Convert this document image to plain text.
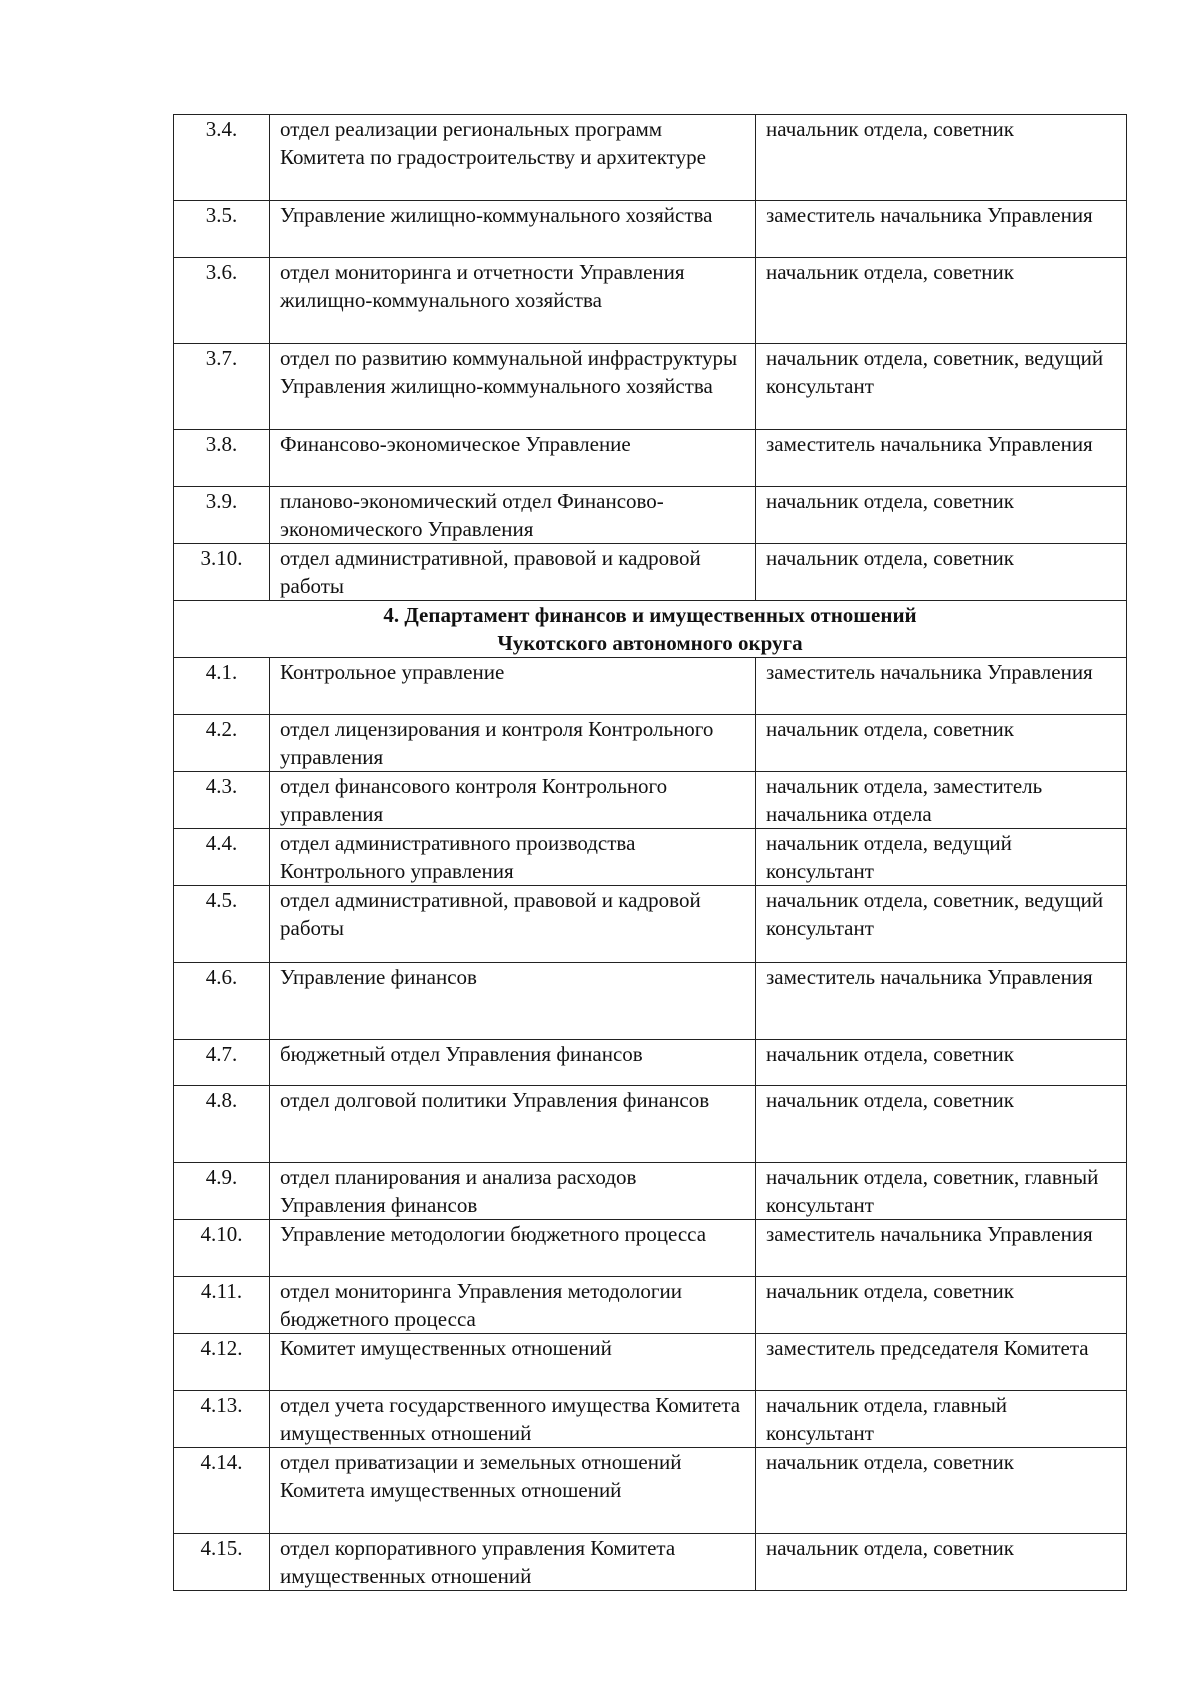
3.4.	отдел реализации региональных программ Комитета по градостроительству и архитектуре	начальник отдела, советник
3.5.	Управление жилищно-коммунального хозяйства	заместитель начальника Управления
3.6.	отдел мониторинга и отчетности Управления жилищно-коммунального хозяйства	начальник отдела, советник
3.7.	отдел по развитию коммунальной инфраструктуры Управления жилищно-коммунального хозяйства	начальник отдела, советник, ведущий консультант
3.8.	Финансово-экономическое Управление	заместитель начальника Управления
3.9.	планово-экономический отдел Финансово-экономического Управления	начальник отдела, советник
3.10.	отдел административной, правовой и кадровой работы	начальник отдела, советник

4. Департамент финансов и имущественных отношений
Чукотского автономного округа		

4.1.	Контрольное управление	заместитель начальника Управления
4.2.	отдел лицензирования и контроля Контрольного управления	начальник отдела, советник
4.3.	отдел финансового контроля Контрольного управления	начальник отдела, заместитель начальника отдела
4.4.	отдел административного производства Контрольного управления	начальник отдела, ведущий консультант
4.5.	отдел административной, правовой и кадровой работы	начальник отдела, советник, ведущий консультант
4.6.	Управление финансов	заместитель начальника Управления
4.7.	бюджетный отдел Управления финансов	начальник отдела, советник
4.8.	отдел долговой политики Управления финансов	начальник отдела, советник
4.9.	отдел планирования и анализа расходов Управления финансов	начальник отдела, советник, главный консультант
4.10.	Управление методологии бюджетного процесса	заместитель начальника Управления
4.11.	отдел мониторинга Управления методологии бюджетного процесса	начальник отдела, советник
4.12.	Комитет имущественных отношений	заместитель председателя Комитета
4.13.	отдел учета государственного имущества Комитета имущественных отношений	начальник отдела, главный консультант
4.14.	отдел приватизации и земельных отношений Комитета имущественных отношений	начальник отдела, советник
4.15.	отдел корпоративного управления Комитета имущественных отношений	начальник отдела, советник
